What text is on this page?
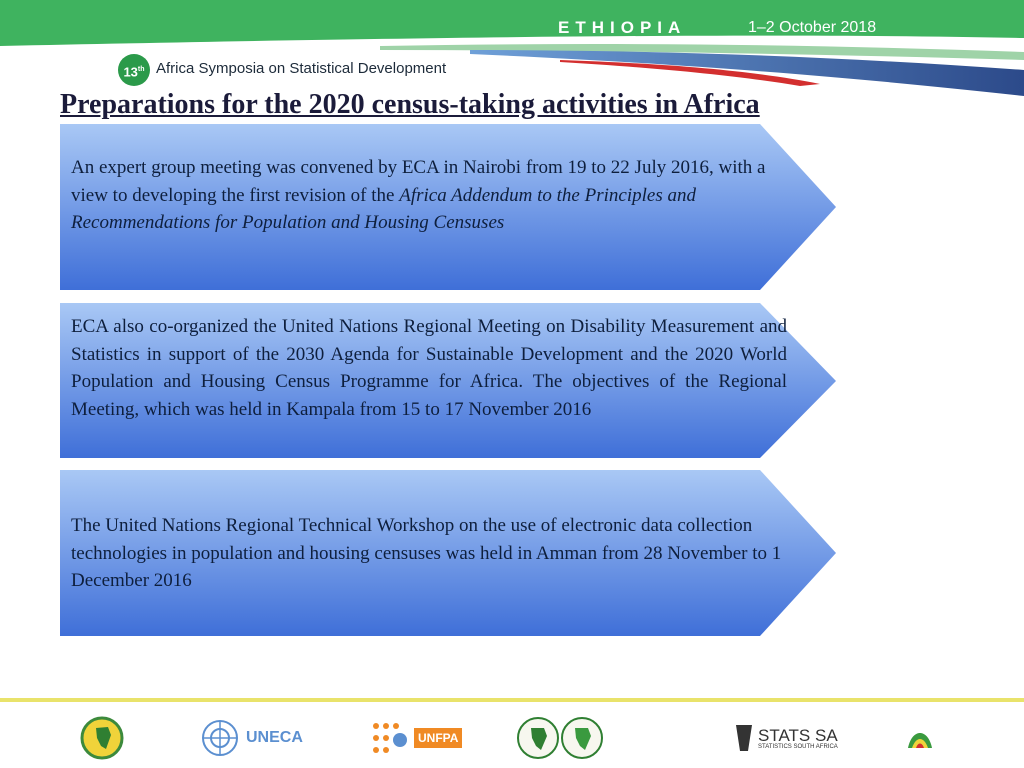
ETHIOPIA	1–2 October 2018
13th Africa Symposia on Statistical Development
Preparations for the 2020 census-taking activities in Africa
An expert group meeting was convened by ECA in Nairobi from 19 to 22 July 2016, with a view to developing the first revision of the Africa Addendum to the Principles and Recommendations for Population and Housing Censuses
ECA also co-organized the United Nations Regional Meeting on Disability Measurement and Statistics in support of the 2030 Agenda for Sustainable Development and the 2020 World Population and Housing Census Programme for Africa. The objectives of the Regional Meeting, which was held in Kampala from 15 to 17 November 2016
The United Nations Regional Technical Workshop on the use of electronic data collection technologies in population and housing censuses was held in Amman from 28 November to 1 December 2016
UNECA	UNFPA	STATS SA
STATISTICS SOUTH AFRICA
